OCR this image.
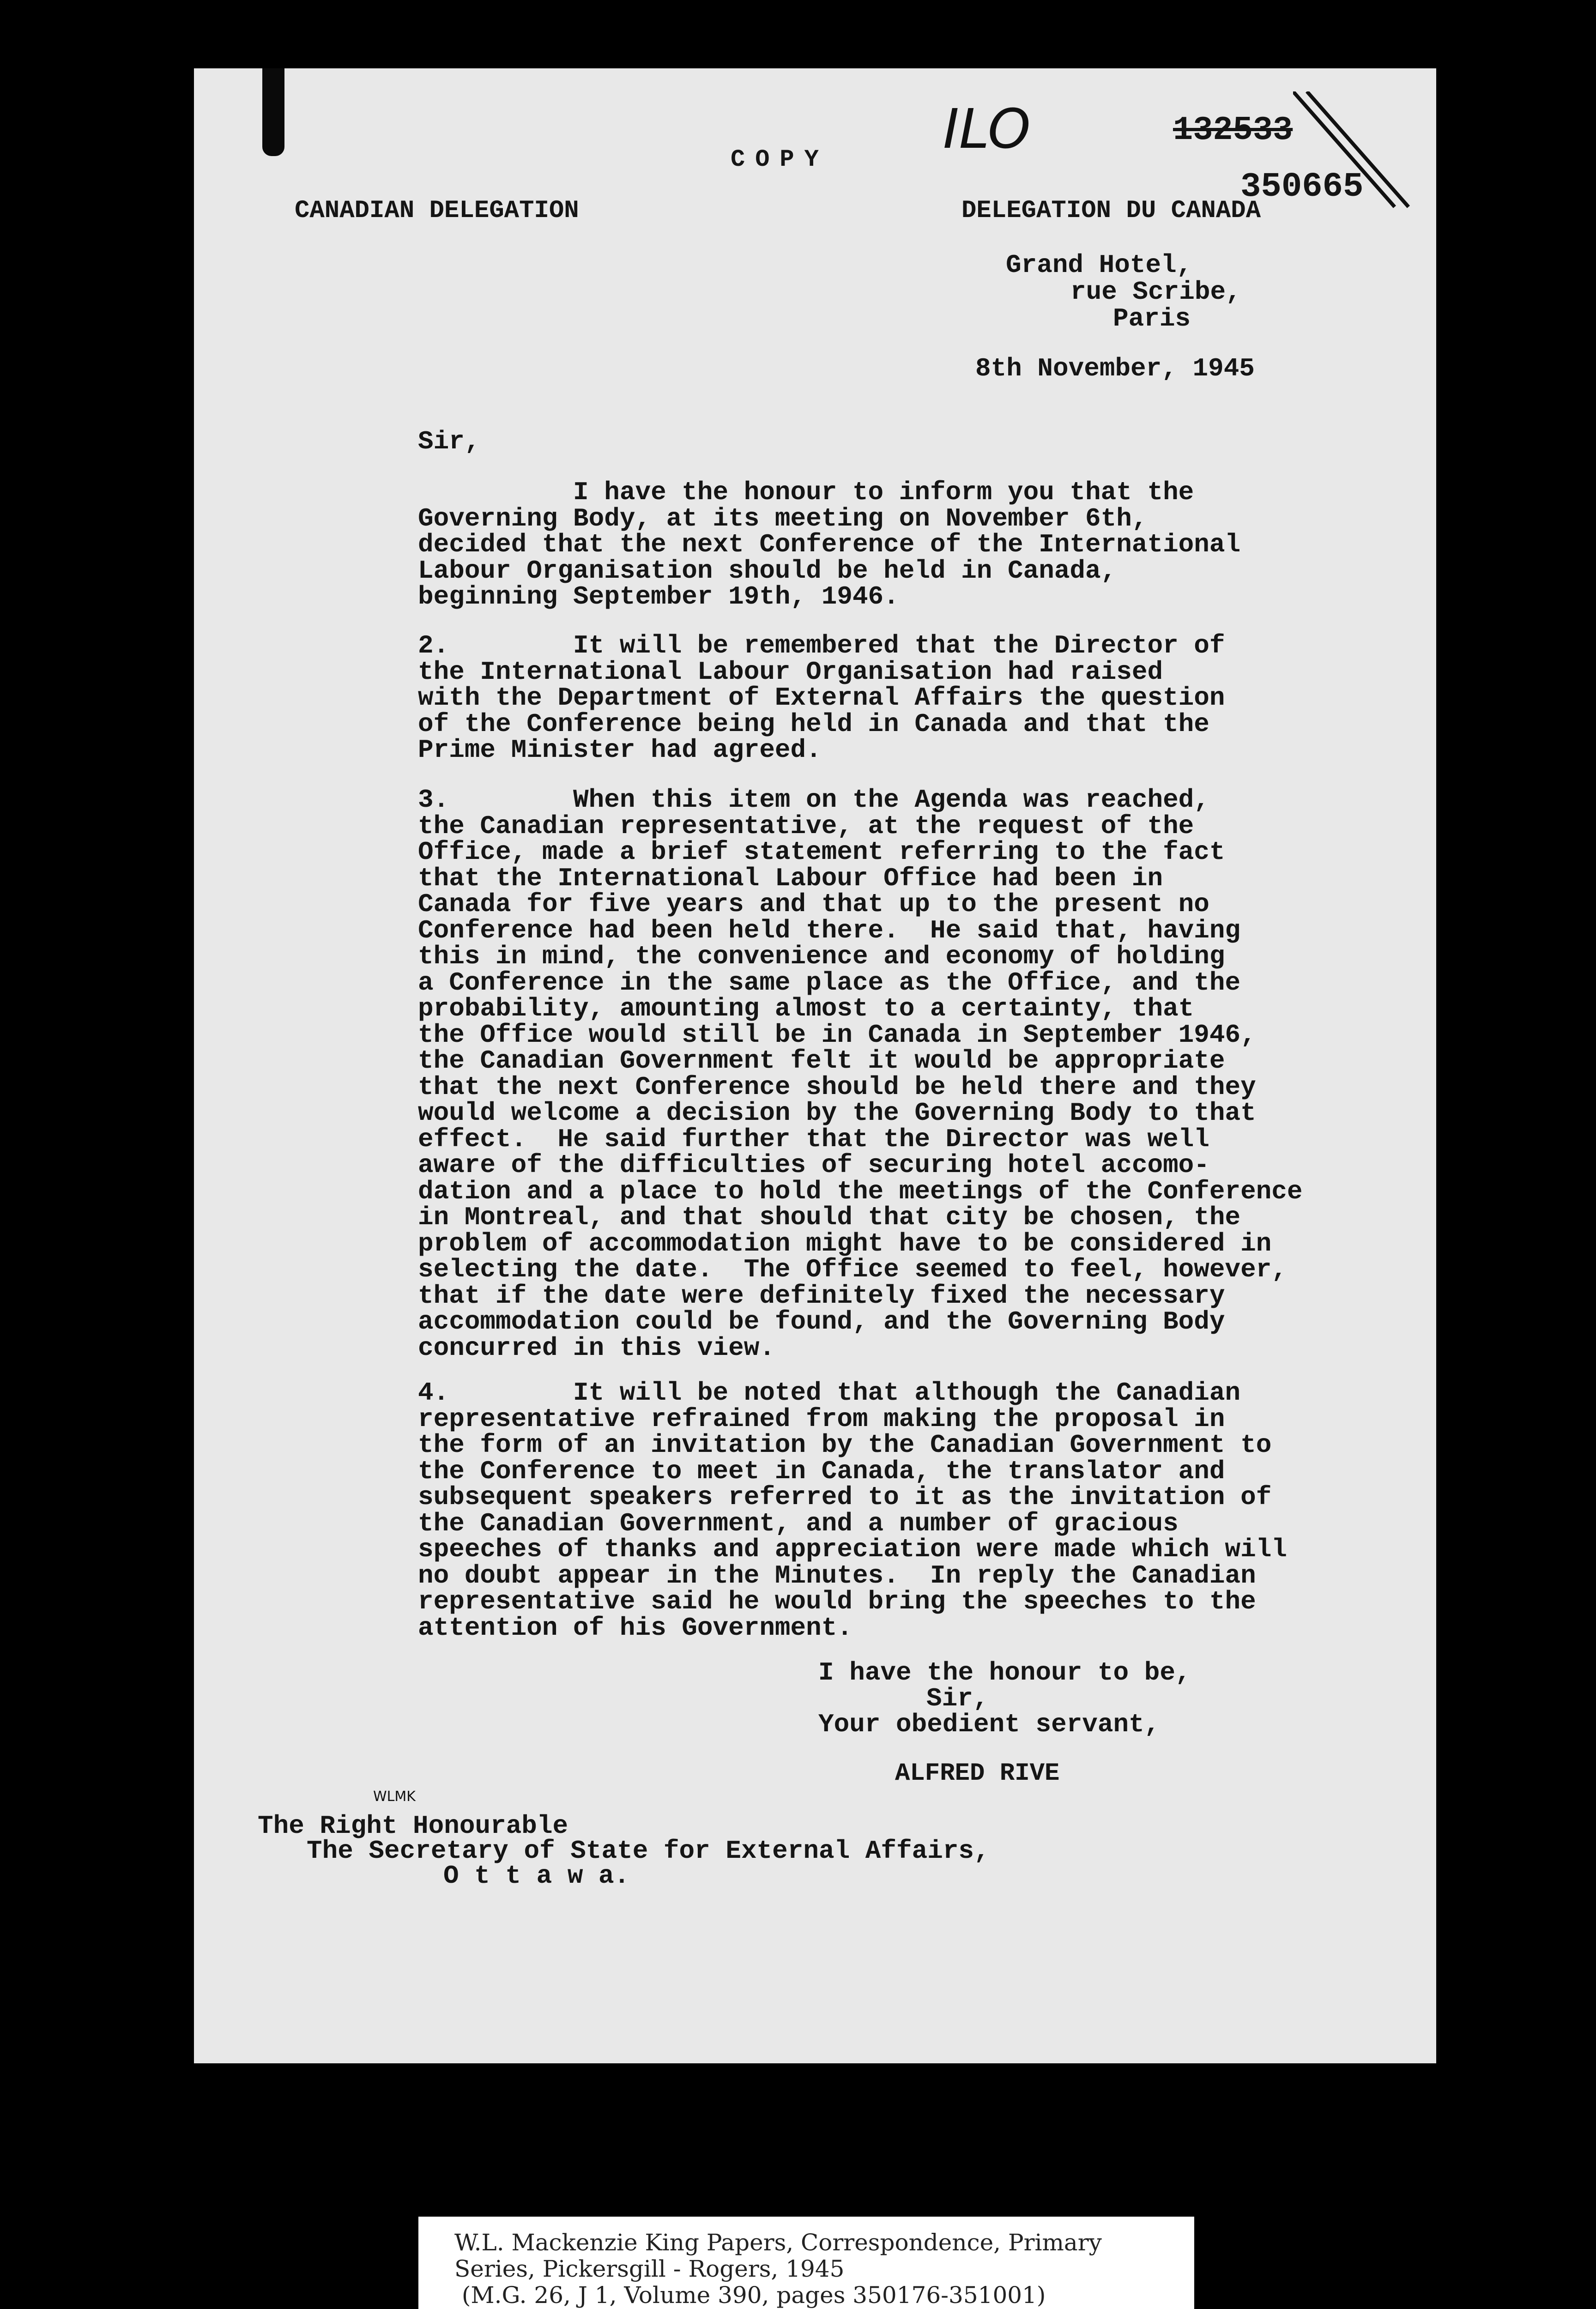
COPY ILO	132533
350665
CANADIAN DELEGATION	DELEGATION DU CANADA
Grand Hotel,
rue Scribe,
Paris
8th November, 1945
Sir,
I have the honour to inform you that the
Governing Body, at its meeting on November 6th,
decided that the next Conference of the International
Labour Organisation should be held in Canada,
beginning September 19th, 1946.
2.        It will be remembered that the Director of
the International Labour Organisation had raised
with the Department of External Affairs the question
of the Conference being held in Canada and that the
Prime Minister had agreed.
3.        When this item on the Agenda was reached,
the Canadian representative, at the request of the
Office, made a brief statement referring to the fact
that the International Labour Office had been in
Canada for five years and that up to the present no
Conference had been held there.  He said that, having
this in mind, the convenience and economy of holding
a Conference in the same place as the Office, and the
probability, amounting almost to a certainty, that
the Office would still be in Canada in September 1946,
the Canadian Government felt it would be appropriate
that the next Conference should be held there and they
would welcome a decision by the Governing Body to that
effect.  He said further that the Director was well
aware of the difficulties of securing hotel accomo-
dation and a place to hold the meetings of the Conference
in Montreal, and that should that city be chosen, the
problem of accommodation might have to be considered in
selecting the date.  The Office seemed to feel, however,
that if the date were definitely fixed the necessary
accommodation could be found, and the Governing Body
concurred in this view.
4.        It will be noted that although the Canadian
representative refrained from making the proposal in
the form of an invitation by the Canadian Government to
the Conference to meet in Canada, the translator and
subsequent speakers referred to it as the invitation of
the Canadian Government, and a number of gracious
speeches of thanks and appreciation were made which will
no doubt appear in the Minutes.  In reply the Canadian
representative said he would bring the speeches to the
attention of his Government.
I have the honour to be,
Sir,
Your obedient servant,
ALFRED RIVE
WLMK
The Right Honourable
The Secretary of State for External Affairs,
O t t a w a.
W.L. Mackenzie King Papers, Correspondence, Primary
Series, Pickersgill - Rogers, 1945
(M.G. 26, J 1, Volume 390, pages 350176-351001)
